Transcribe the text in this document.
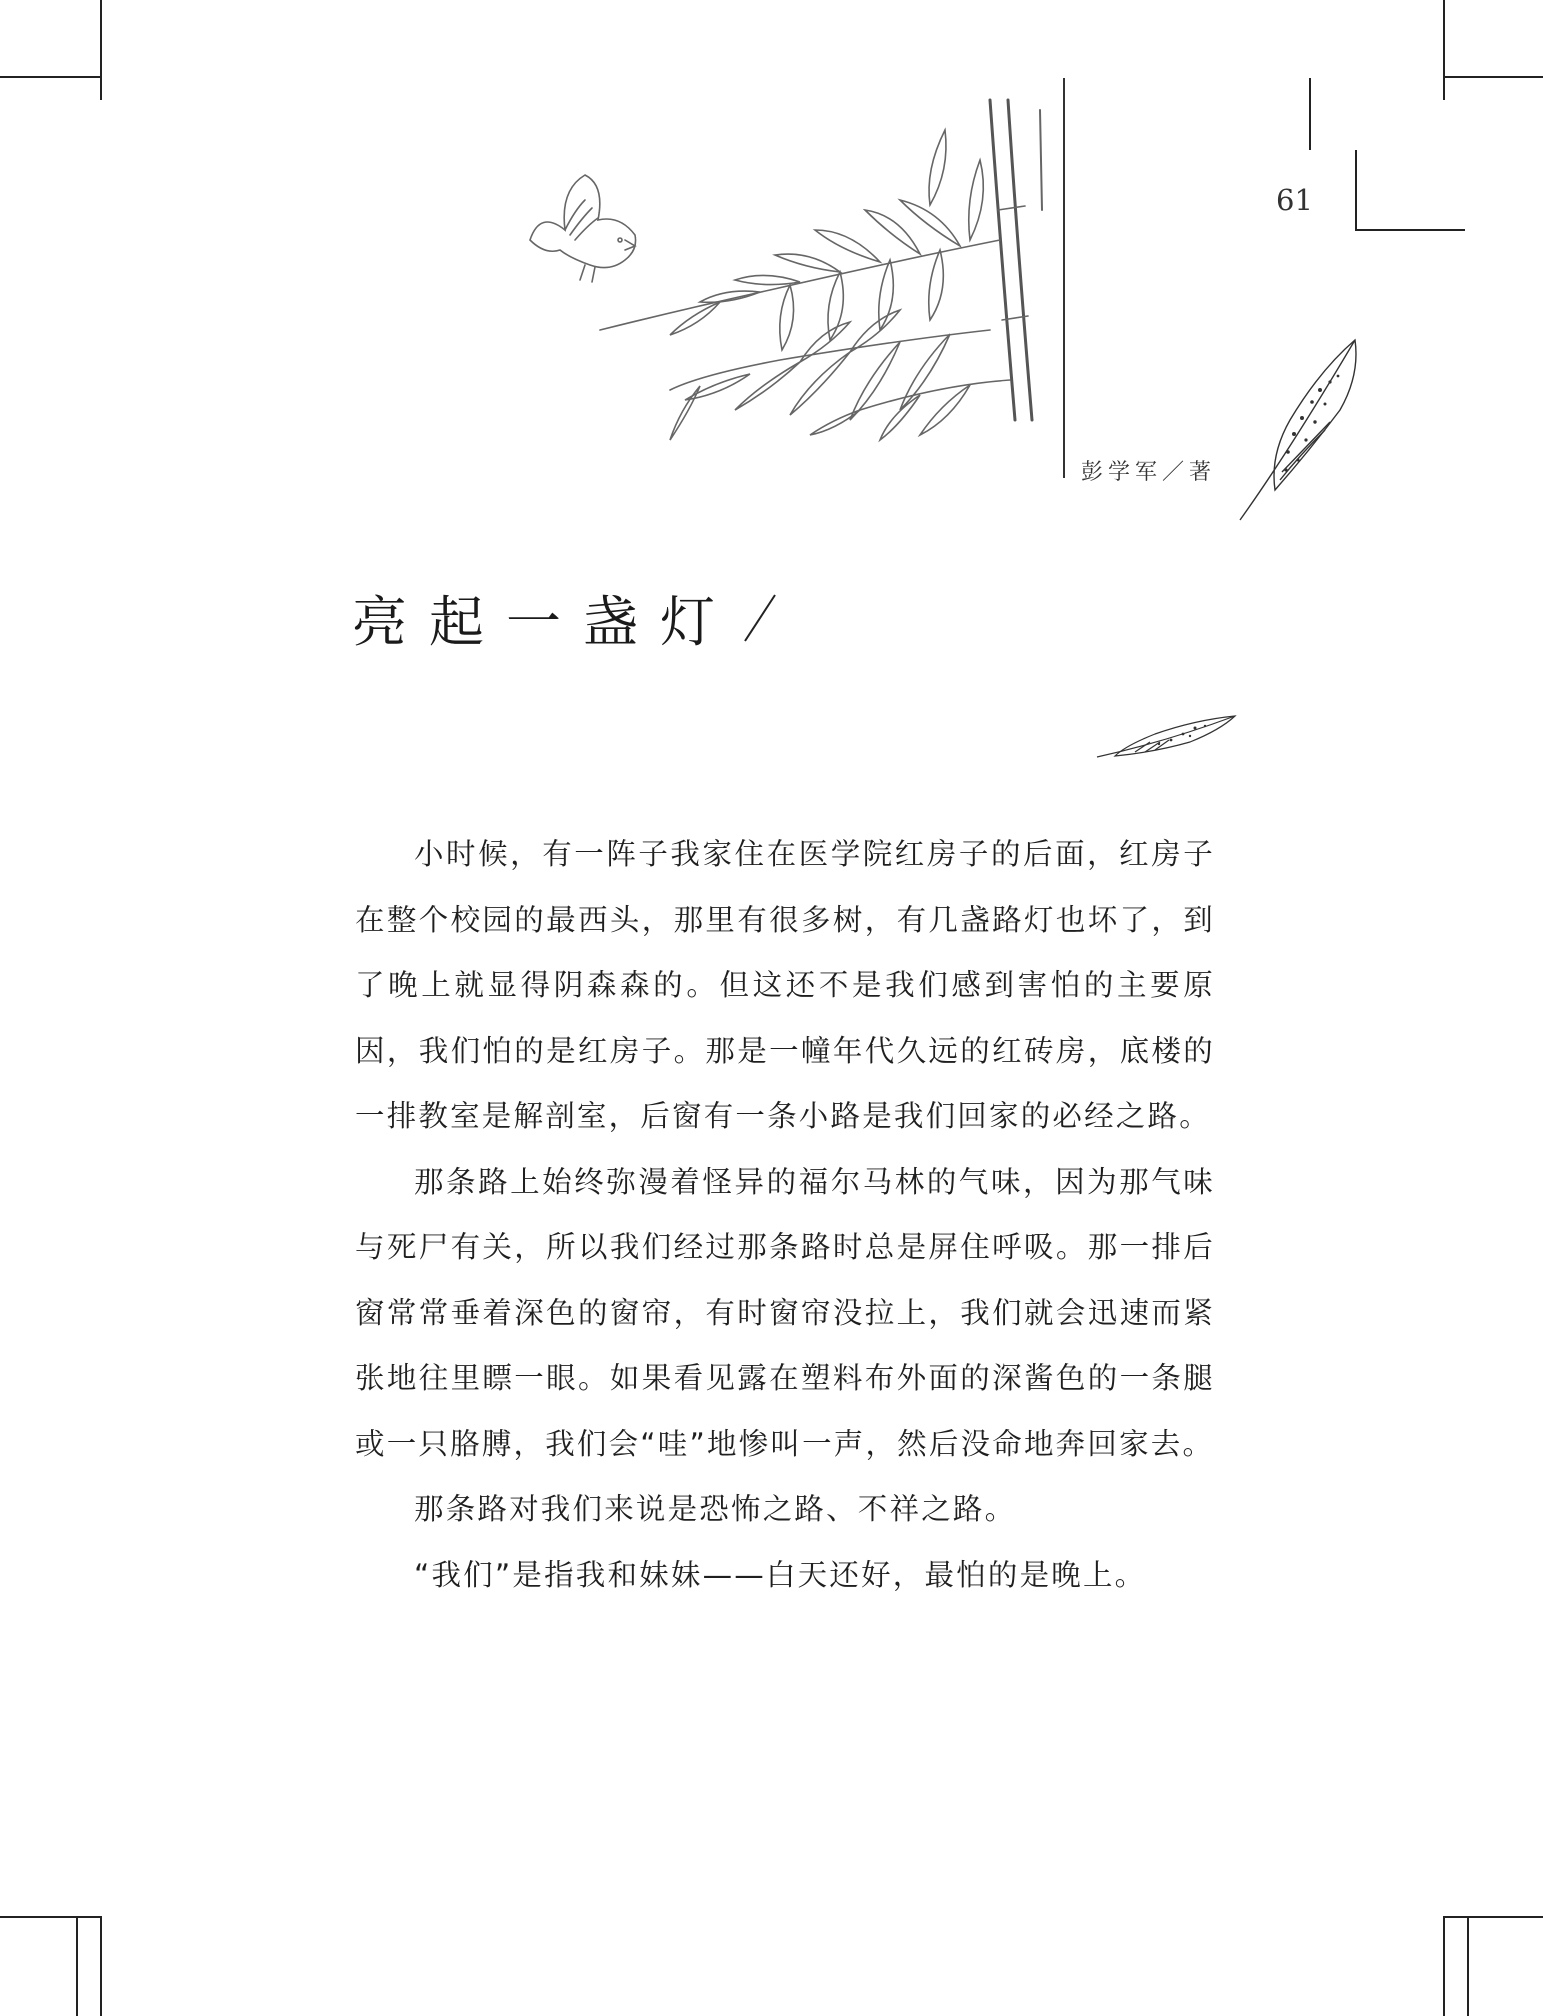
61
彭学军／著
亮起一盏灯

小时候，有一阵子我家住在医学院红房子的后面，红房子在整个校园的最西头，那里有很多树，有几盏路灯也坏了，到了晚上就显得阴森森的。但这还不是我们感到害怕的主要原因，我们怕的是红房子。那是一幢年代久远的红砖房，底楼的一排教室是解剖室，后窗有一条小路是我们回家的必经之路。

那条路上始终弥漫着怪异的福尔马林的气味，因为那气味与死尸有关，所以我们经过那条路时总是屏住呼吸。那一排后窗常常垂着深色的窗帘，有时窗帘没拉上，我们就会迅速而紧张地往里瞟一眼。如果看见露在塑料布外面的深酱色的一条腿或一只胳膊，我们会“哇”地惨叫一声，然后没命地奔回家去。

那条路对我们来说是恐怖之路、不祥之路。

“我们”是指我和妹妹——白天还好，最怕的是晚上。
